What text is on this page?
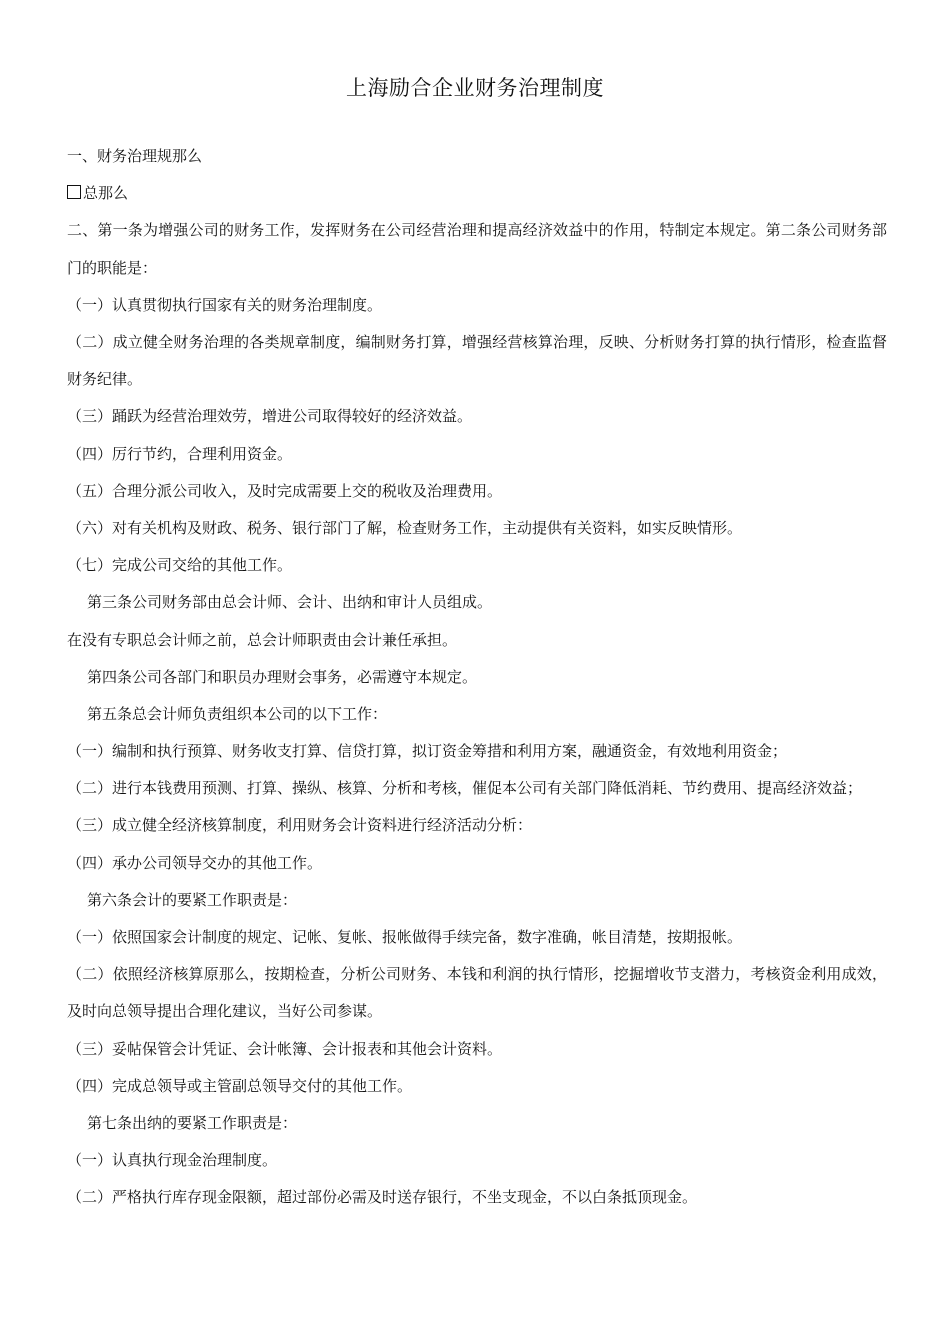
上海励合企业财务治理制度

一、财务治理规那么

总那么

二、第一条为增强公司的财务工作，发挥财务在公司经营治理和提高经济效益中的作用，特制定本规定。第二条公司财务部门的职能是：

（一）认真贯彻执行国家有关的财务治理制度。

（二）成立健全财务治理的各类规章制度，编制财务打算，增强经营核算治理，反映、分析财务打算的执行情形，检查监督财务纪律。

（三）踊跃为经营治理效劳，增进公司取得较好的经济效益。

（四）厉行节约，合理利用资金。

（五）合理分派公司收入，及时完成需要上交的税收及治理费用。

（六）对有关机构及财政、税务、银行部门了解，检查财务工作，主动提供有关资料，如实反映情形。

（七）完成公司交给的其他工作。

第三条公司财务部由总会计师、会计、出纳和审计人员组成。

在没有专职总会计师之前，总会计师职责由会计兼任承担。

第四条公司各部门和职员办理财会事务，必需遵守本规定。

第五条总会计师负责组织本公司的以下工作：

（一）编制和执行预算、财务收支打算、信贷打算，拟订资金筹措和利用方案，融通资金，有效地利用资金；

（二）进行本钱费用预测、打算、操纵、核算、分析和考核，催促本公司有关部门降低消耗、节约费用、提高经济效益；

（三）成立健全经济核算制度，利用财务会计资料进行经济活动分析：

（四）承办公司领导交办的其他工作。

第六条会计的要紧工作职责是：

（一）依照国家会计制度的规定、记帐、复帐、报帐做得手续完备，数字准确，帐目清楚，按期报帐。

（二）依照经济核算原那么，按期检查，分析公司财务、本钱和利润的执行情形，挖掘增收节支潜力，考核资金利用成效，及时向总领导提出合理化建议，当好公司参谋。

（三）妥帖保管会计凭证、会计帐簿、会计报表和其他会计资料。

（四）完成总领导或主管副总领导交付的其他工作。

第七条出纳的要紧工作职责是：

（一）认真执行现金治理制度。

（二）严格执行库存现金限额，超过部份必需及时送存银行，不坐支现金，不以白条抵顶现金。
